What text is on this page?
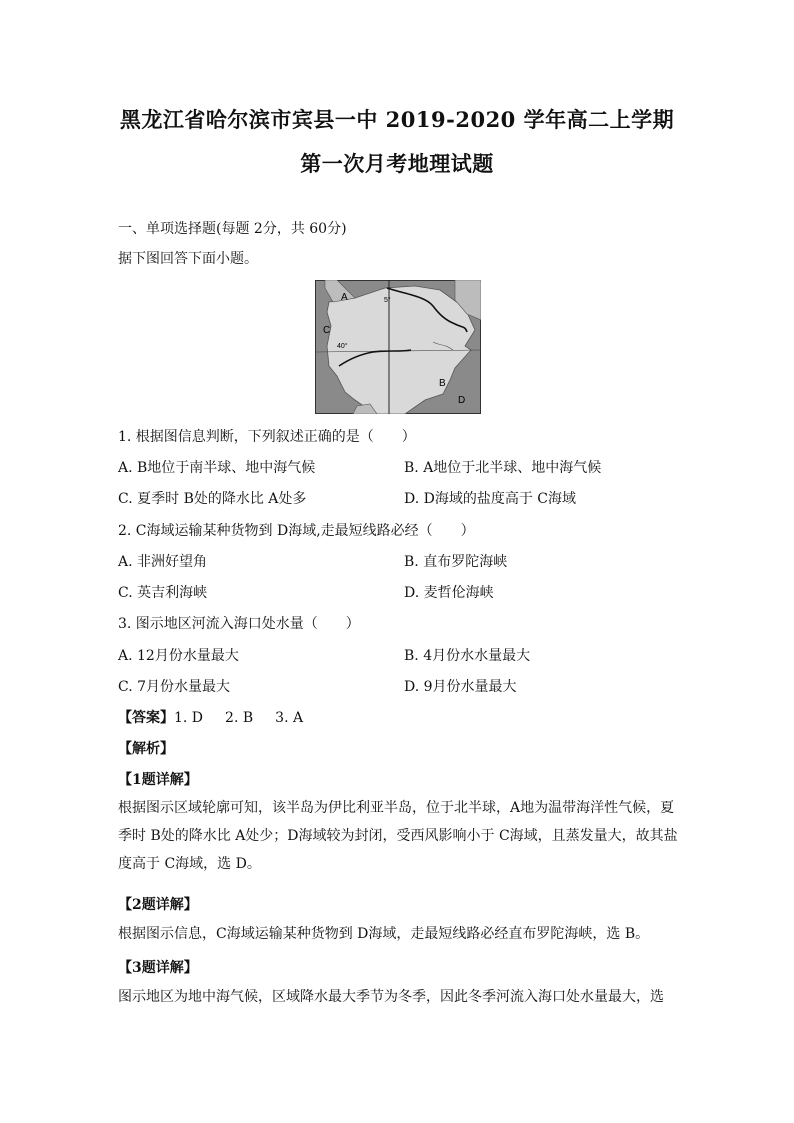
黑龙江省哈尔滨市宾县一中 2019-2020 学年高二上学期
第一次月考地理试题
一、单项选择题(每题 2分，共 60分)
据下图回答下面小题。
A
C
B
D
5°
40°
1. 根据图信息判断，下列叙述正确的是（　　）
A. B地位于南半球、地中海气候	B. A地位于北半球、地中海气候
C. 夏季时 B处的降水比 A处多	D. D海域的盐度高于 C海域
2. C海域运输某种货物到 D海域,走最短线路必经（　　）
A. 非洲好望角	B. 直布罗陀海峡
C. 英吉利海峡	D. 麦哲伦海峡
3. 图示地区河流入海口处水量（　　）
A. 12月份水量最大	B. 4月份水水量最大
C. 7月份水量最大	D. 9月份水量最大
【答案】1. D 2. B 3. A
【解析】
【1题详解】
根据图示区域轮廓可知，该半岛为伊比利亚半岛，位于北半球，A地为温带海洋性气候，夏季时 B处的降水比 A处少；D海域较为封闭，受西风影响小于 C海域，且蒸发量大，故其盐度高于 C海域，选 D。
【2题详解】
根据图示信息，C海域运输某种货物到 D海域，走最短线路必经直布罗陀海峡，选 B。
【3题详解】
图示地区为地中海气候，区域降水最大季节为冬季，因此冬季河流入海口处水量最大，选
